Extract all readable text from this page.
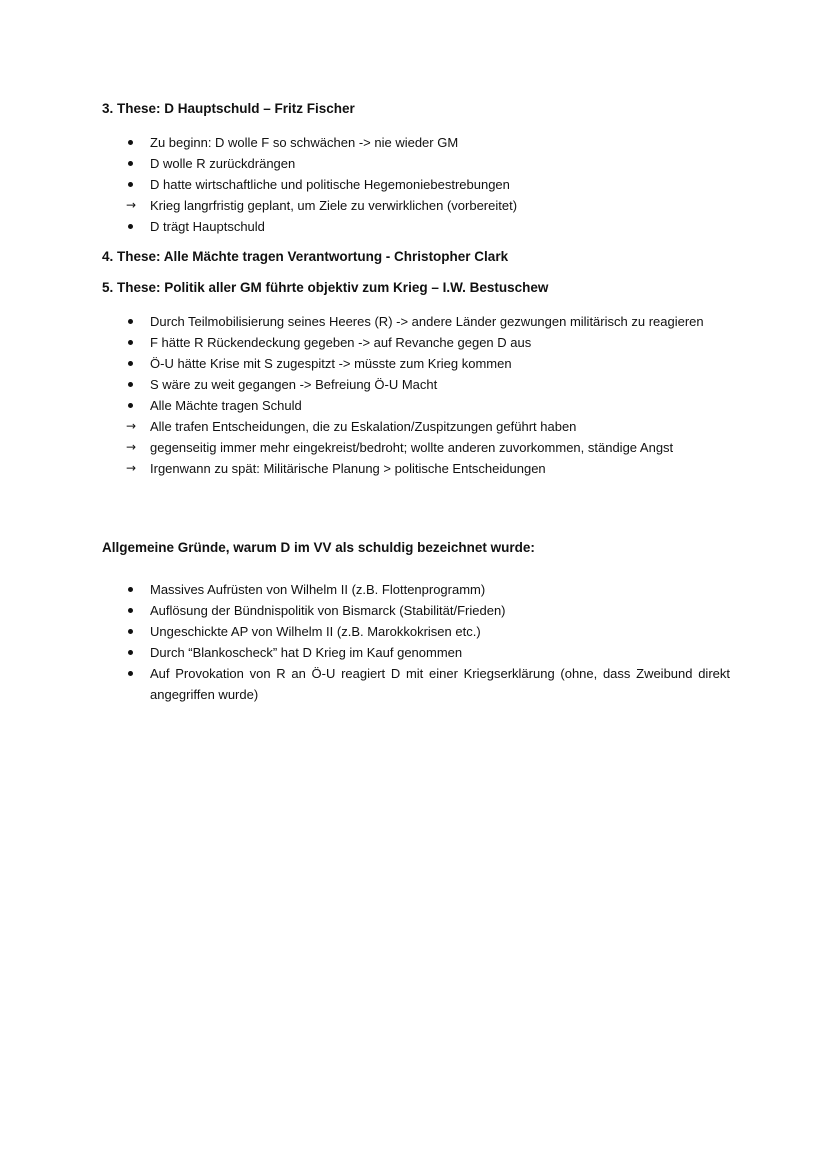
3. These: D Hauptschuld – Fritz Fischer
Zu beginn: D wolle F so schwächen -> nie wieder GM
D wolle R zurückdrängen
D hatte wirtschaftliche und politische Hegemoniebestrebungen
→ Krieg langrfristig geplant, um Ziele zu verwirklichen (vorbereitet)
D trägt Hauptschuld
4. These: Alle Mächte tragen Verantwortung - Christopher Clark
5. These: Politik aller GM führte objektiv zum Krieg – I.W. Bestuschew
Durch Teilmobilisierung seines Heeres (R) -> andere Länder gezwungen militärisch zu reagieren
F hätte R Rückendeckung gegeben -> auf Revanche gegen D aus
Ö-U hätte Krise mit S zugespitzt -> müsste zum Krieg kommen
S wäre zu weit gegangen -> Befreiung Ö-U Macht
Alle Mächte tragen Schuld
→ Alle trafen Entscheidungen, die zu Eskalation/Zuspitzungen geführt haben
→ gegenseitig immer mehr eingekreist/bedroht; wollte anderen zuvorkommen, ständige Angst
→ Irgenwann zu spät: Militärische Planung > politische Entscheidungen
Allgemeine Gründe, warum D im VV als schuldig bezeichnet wurde:
Massives Aufrüsten von Wilhelm II (z.B. Flottenprogramm)
Auflösung der Bündnispolitik von Bismarck (Stabilität/Frieden)
Ungeschickte AP von Wilhelm II (z.B. Marokkokrisen etc.)
Durch “Blankoscheck” hat D Krieg im Kauf genommen
Auf Provokation von R an Ö-U reagiert D mit einer Kriegserklärung (ohne, dass Zweibund direkt angegriffen wurde)
